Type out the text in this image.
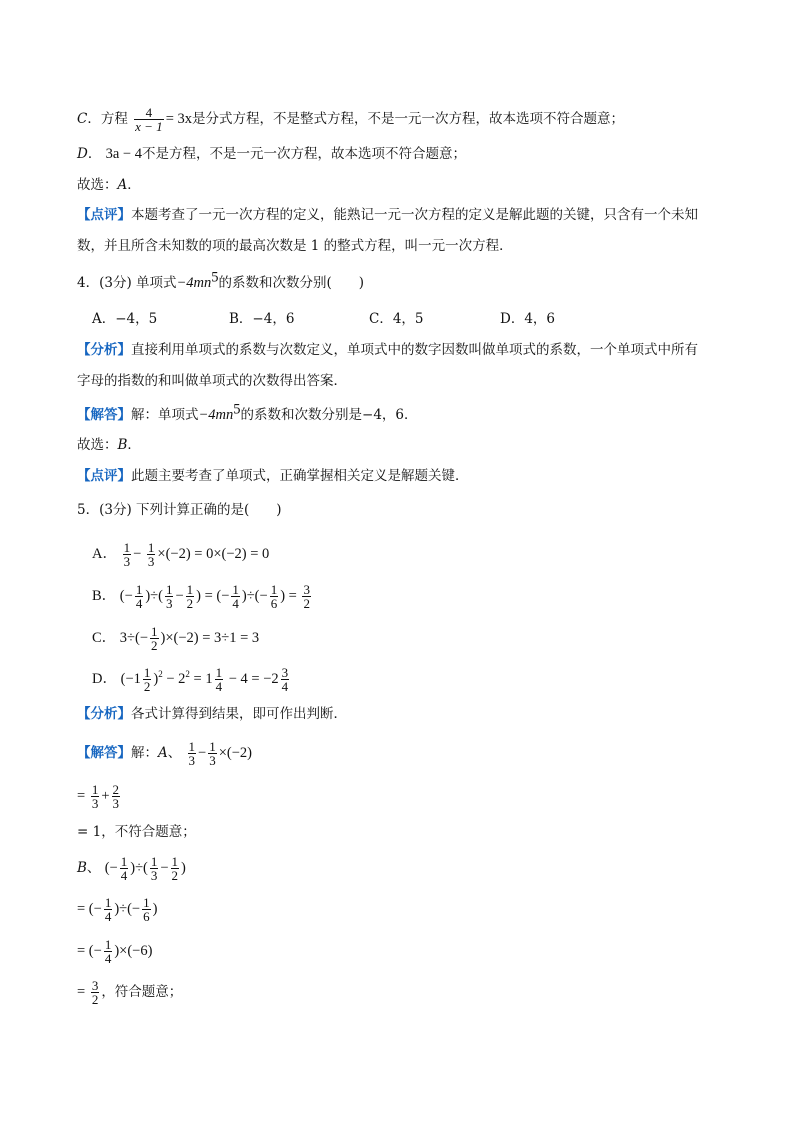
C．方程 $\frac{4}{x - 1} = 3x$是分式方程，不是整式方程，不是一元一次方程，故本选项不符合题意；
D． 3a − 4不是方程，不是一元一次方程，故本选项不符合题意；
故选：A．
【点评】本题考查了一元一次方程的定义，能熟记一元一次方程的定义是解此题的关键，只含有一个未知
数，并且所含未知数的项的最高次数是 1 的整式方程，叫一元一次方程．
4．(3分) 单项式$-4mn^5$的系数和次数分别(　　)
A．−4，5	B．−4，6	C．4，5	D．4，6
【分析】直接利用单项式的系数与次数定义，单项式中的数字因数叫做单项式的系数，一个单项式中所有
字母的指数的和叫做单项式的次数得出答案．
【解答】解：单项式$-4mn^5$的系数和次数分别是−4，6．
故选：B．
【点评】此题主要考查了单项式，正确掌握相关定义是解题关键．
5．(3分) 下列计算正确的是(　　)
A． $\frac{1}{3} - \frac{1}{3} \times(-2) = 0\times(-2) = 0$
B． (− $\frac{1}{4}$ )÷( $\frac{1}{3} - \frac{1}{2}$ ) = (− $\frac{1}{4}$ )÷(− $\frac{1}{6}$ ) = $\frac{3}{2}$
C． $3\div(- \frac{1}{2} )\times(-2) = 3\div 1 = 3$
D． $(-1 \frac{1}{2} )^2 - 2^2 = 1 \frac{1}{4} - 4 = -2 \frac{3}{4}$
【分析】各式计算得到结果，即可作出判断．
【解答】解：A、 $\frac{1}{3} - \frac{1}{3} \times(-2)$
= $\frac{1}{3} + \frac{2}{3}$
= 1，不符合题意；
B、 (− $\frac{1}{4}$ )÷( $\frac{1}{3} - \frac{1}{2}$ )
= (− $\frac{1}{4}$ )÷(− $\frac{1}{6}$ )
= (− $\frac{1}{4} )\times(-6)$
= $\frac{3}{2}$ ，符合题意；
